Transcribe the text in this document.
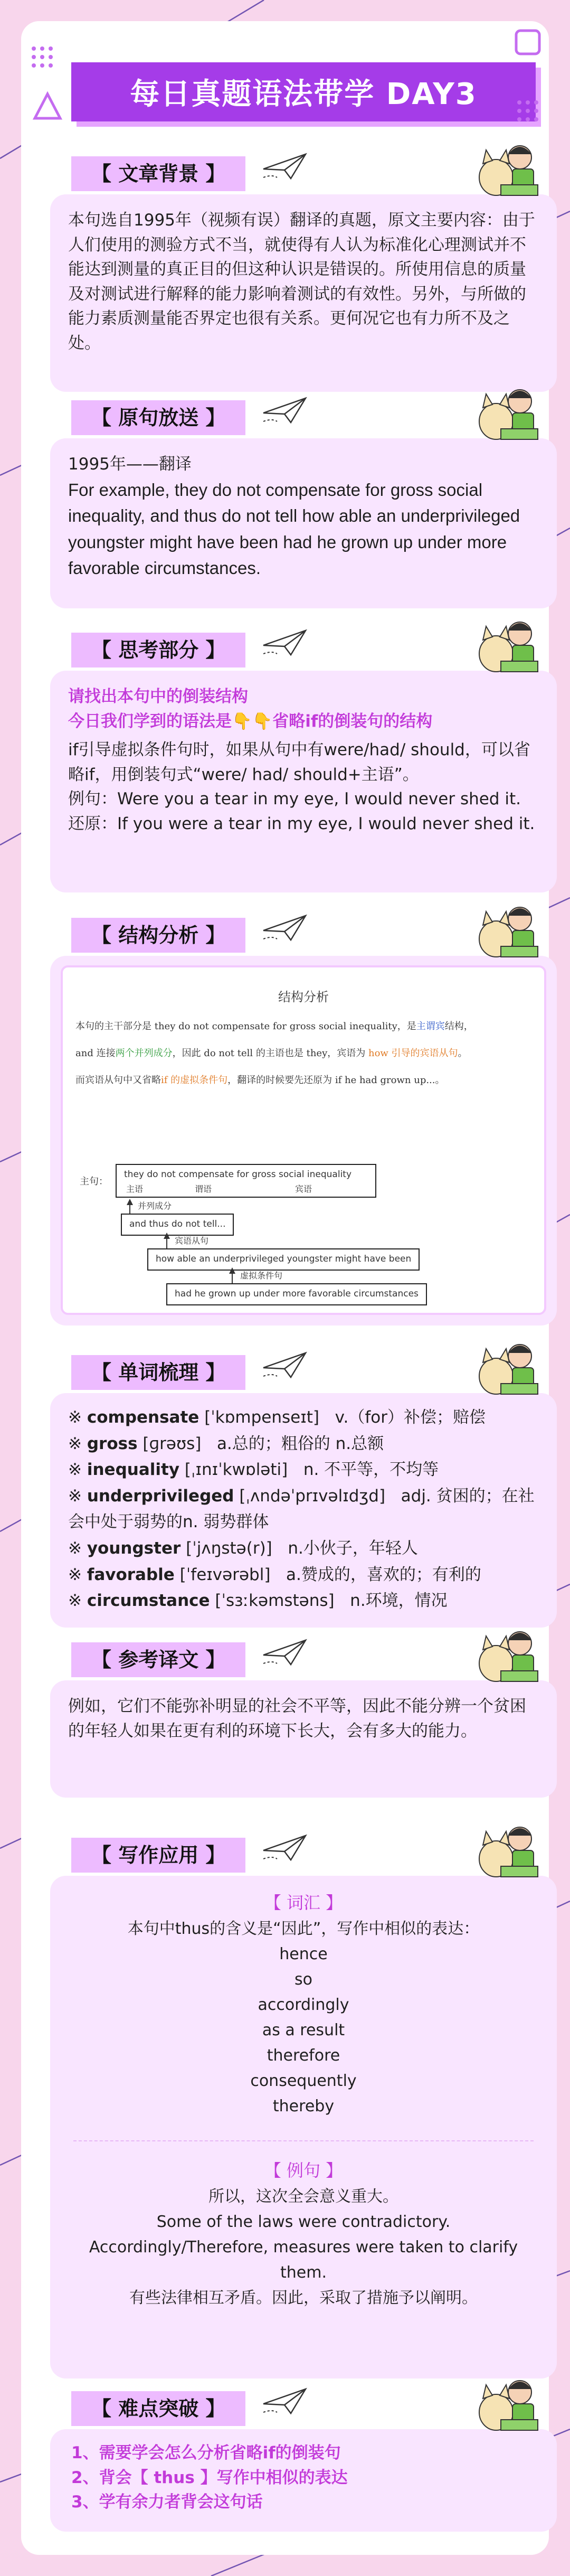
每日真题语法带学 DAY3
【 文章背景 】
本句选自1995年（视频有误）翻译的真题，原文主要内容：由于人们使用的测验方式不当，就使得有人认为标准化心理测试并不能达到测量的真正目的但这种认识是错误的。所使用信息的质量及对测试进行解释的能力影响着测试的有效性。另外，与所做的能力素质测量能否界定也很有关系。更何况它也有力所不及之处。
【 原句放送 】
1995年——翻译
For example, they do not compensate for gross social inequality, and thus do not tell how able an underprivileged youngster might have been had he grown up under more favorable circumstances.
【 思考部分 】
请找出本句中的倒装结构
今日我们学到的语法是👇👇省略if的倒装句的结构
if引导虚拟条件句时，如果从句中有were/had/ should，可以省略if，用倒装句式“were/ had/ should+主语”。
例句：Were you a tear in my eye, I would never shed it.
还原：If you were a tear in my eye, I would never shed it.
【 结构分析 】
结构分析
本句的主干部分是 they do not compensate for gross social inequality，是主谓宾结构，
and 连接两个并列成分，因此 do not tell 的主语也是 they，宾语为 how 引导的宾语从句。
而宾语从句中又省略if 的虚拟条件句，翻译的时候要先还原为 if he had grown up...。
主句：
they do not compensate for gross social inequality
主语	谓语	宾语
并列成分
and thus do not tell...
宾语从句
how able an underprivileged youngster might have been
虚拟条件句
had he grown up under more favorable circumstances
【 单词梳理 】
※ compensate [ˈkɒmpenseɪt] v.（for）补偿；赔偿
※ gross [ɡrəʊs] a.总的；粗俗的 n.总额
※ inequality [ˌɪnɪˈkwɒləti] n. 不平等，不均等
※ underprivileged [ˌʌndəˈprɪvəlɪdʒd] adj. 贫困的；在社会中处于弱势的n. 弱势群体
※ youngster [ˈjʌŋstə(r)] n.小伙子，年轻人
※ favorable [ˈfeɪvərəbl] a.赞成的，喜欢的；有利的
※ circumstance [ˈsɜːkəmstəns] n.环境，情况
【 参考译文 】
例如，它们不能弥补明显的社会不平等，因此不能分辨一个贫困的年轻人如果在更有利的环境下长大，会有多大的能力。
【 写作应用 】
【 词汇 】
本句中thus的含义是“因此”，写作中相似的表达：
hence
so
accordingly
as a result
therefore
consequently
thereby
【 例句 】
所以，这次全会意义重大。
Some of the laws were contradictory. Accordingly/Therefore, measures were taken to clarify them.
有些法律相互矛盾。因此，采取了措施予以阐明。
【 难点突破 】
1、需要学会怎么分析省略if的倒装句
2、背会【 thus 】写作中相似的表达
3、学有余力者背会这句话
